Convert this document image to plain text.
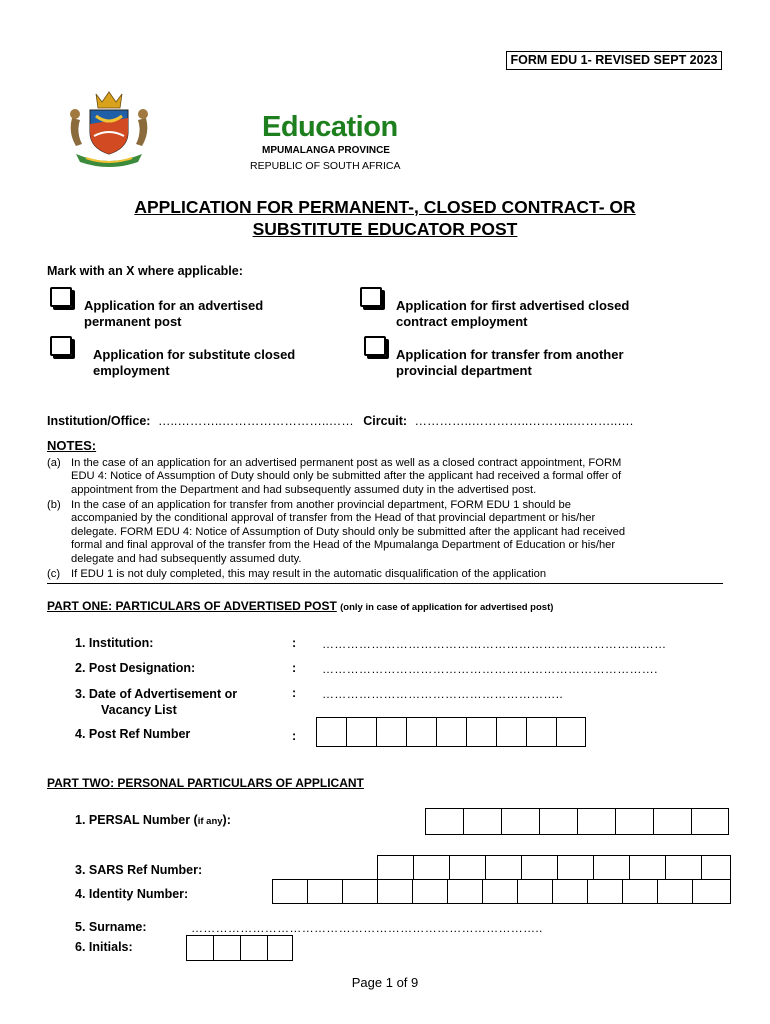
FORM EDU 1- REVISED SEPT 2023
Education
MPUMALANGA PROVINCE
REPUBLIC OF SOUTH AFRICA
APPLICATION FOR PERMANENT-, CLOSED CONTRACT- OR
SUBSTITUTE EDUCATOR POST
Mark with an X where applicable:
Application for an advertised
permanent post
Application for first advertised closed
contract employment
Application for substitute closed
employment
Application for transfer from another
provincial department
Institution/Office: …..………..……………………..…… Circuit: …………..…………..………..………..….
NOTES:
(a) In the case of an application for an advertised permanent post as well as a closed contract appointment, FORM
EDU 4: Notice of Assumption of Duty should only be submitted after the applicant had received a formal offer of
appointment from the Department and had subsequently assumed duty in the advertised post.
(b) In the case of an application for transfer from another provincial department, FORM EDU 1 should be
accompanied by the conditional approval of transfer from the Head of that provincial department or his/her
delegate. FORM EDU 4: Notice of Assumption of Duty should only be submitted after the applicant had received
formal and final approval of the transfer from the Head of the Mpumalanga Department of Education or his/her
delegate and had subsequently assumed duty.
(c) If EDU 1 is not duly completed, this may result in the automatic disqualification of the application
PART ONE: PARTICULARS OF ADVERTISED POST (only in case of application for advertised post)
1. Institution:	: …………………………………………………………………………
2. Post Designation:	: ……………………………………………………………………….
3. Date of Advertisement or
Vacancy List
: …………………………………………………..
4. Post Ref Number	:
PART TWO: PERSONAL PARTICULARS OF APPLICANT
1. PERSAL Number (if any):
3. SARS Ref Number:
4. Identity Number:
5. Surname:	…………………………………………………………………………..
6. Initials:
Page 1 of 9
